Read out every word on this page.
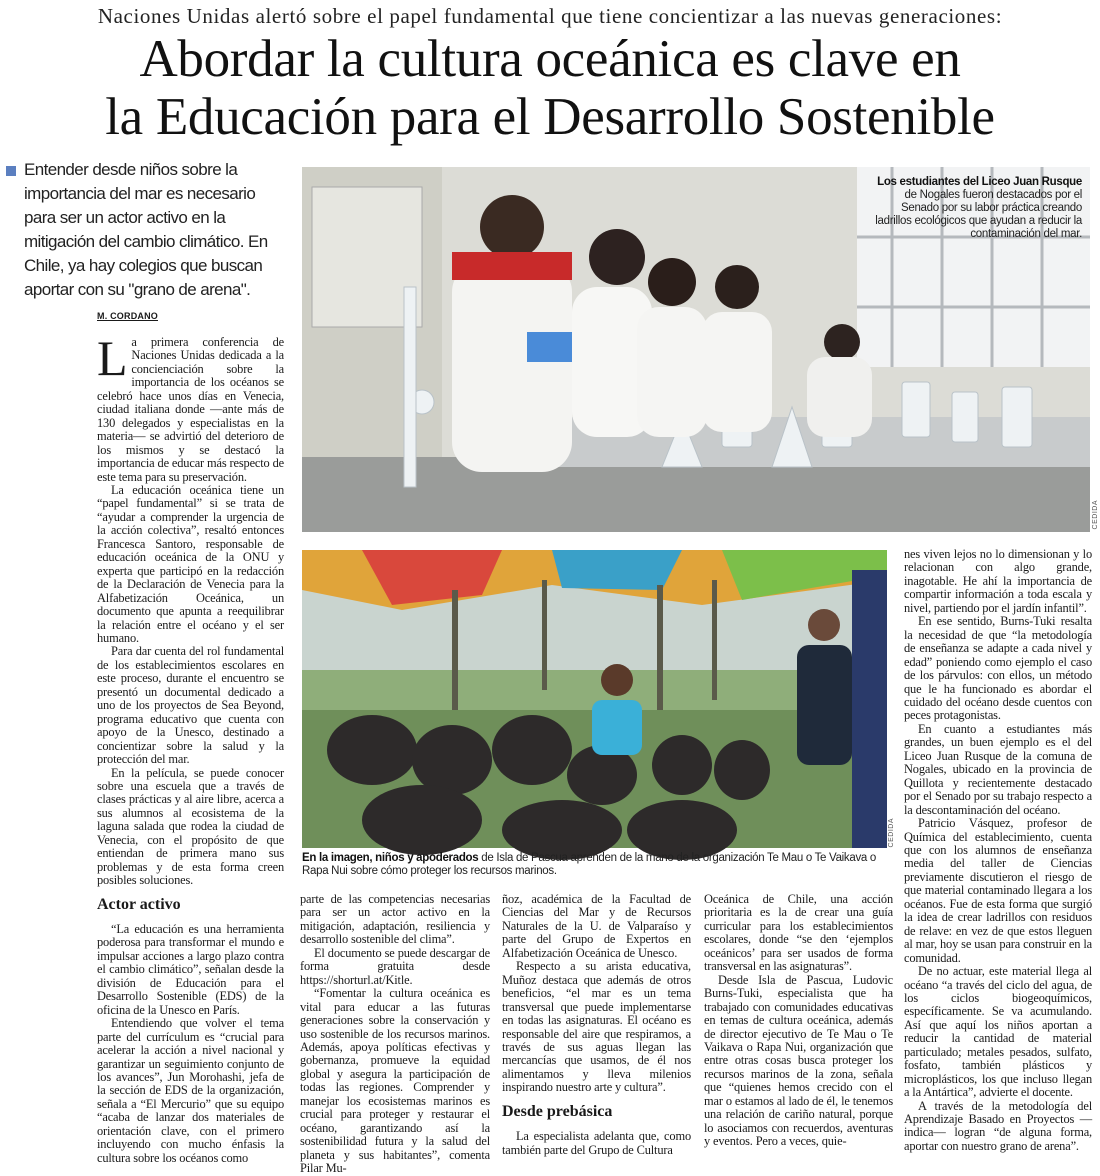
Naciones Unidas alertó sobre el papel fundamental que tiene concientizar a las nuevas generaciones:
Abordar la cultura oceánica es clave en
la Educación para el Desarrollo Sostenible
Entender desde niños sobre la importancia del mar es necesario para ser un actor activo en la mitigación del cambio climático. En Chile, ya hay colegios que buscan aportar con su "grano de arena".
M. CORDANO
Los estudiantes del Liceo Juan Rusque de Nogales fueron destacados por el Senado por su labor práctica creando ladrillos ecológicos que ayudan a reducir la contaminación del mar.
CEDIDA
CEDIDA
En la imagen, niños y apoderados de Isla de Pascua aprenden de la mano de la organización Te Mau o Te Vaikava o Rapa Nui sobre cómo proteger los recursos marinos.

La primera conferencia de Naciones Unidas dedicada a la concienciación sobre la importancia de los océanos se celebró hace unos días en Venecia, ciudad italiana donde —ante más de 130 delegados y especialistas en la materia— se advirtió del deterioro de los mismos y se destacó la importancia de educar más respecto de este tema para su preservación.

La educación oceánica tiene un “papel fundamental” si se trata de “ayudar a comprender la urgencia de la acción colectiva”, resaltó entonces Francesca Santoro, responsable de educación oceánica de la ONU y experta que participó en la redacción de la Declaración de Venecia para la Alfabetización Oceánica, un documento que apunta a reequilibrar la relación entre el océano y el ser humano.

Para dar cuenta del rol fundamental de los establecimientos escolares en este proceso, durante el encuentro se presentó un documental dedicado a uno de los proyectos de Sea Beyond, programa educativo que cuenta con apoyo de la Unesco, destinado a concientizar sobre la salud y la protección del mar.

En la película, se puede conocer sobre una escuela que a través de clases prácticas y al aire libre, acerca a sus alumnos al ecosistema de la laguna salada que rodea la ciudad de Venecia, con el propósito de que entiendan de primera mano sus problemas y de esta forma creen posibles soluciones.

Actor activo

“La educación es una herramienta poderosa para transformar el mundo e impulsar acciones a largo plazo contra el cambio climático”, señalan desde la división de Educación para el Desarrollo Sostenible (EDS) de la oficina de la Unesco en París.

Entendiendo que volver el tema parte del currículum es “crucial para acelerar la acción a nivel nacional y garantizar un seguimiento conjunto de los avances”, Jun Morohashi, jefa de la sección de EDS de la organización, señala a “El Mercurio” que su equipo “acaba de lanzar dos materiales de orientación clave, con el primero incluyendo con mucho énfasis la cultura sobre los océanos como

parte de las competencias necesarias para ser un actor activo en la mitigación, adaptación, resiliencia y desarrollo sostenible del clima”.

El documento se puede descargar de forma gratuita desde https://shorturl.at/Kitle.

“Fomentar la cultura oceánica es vital para educar a las futuras generaciones sobre la conservación y uso sostenible de los recursos marinos. Además, apoya políticas efectivas y gobernanza, promueve la equidad global y asegura la participación de todas las regiones. Comprender y manejar los ecosistemas marinos es crucial para proteger y restaurar el océano, garantizando así la sostenibilidad futura y la salud del planeta y sus habitantes”, comenta Pilar Mu-

ñoz, académica de la Facultad de Ciencias del Mar y de Recursos Naturales de la U. de Valparaíso y parte del Grupo de Expertos en Alfabetización Oceánica de Unesco.

Respecto a su arista educativa, Muñoz destaca que además de otros beneficios, “el mar es un tema transversal que puede implementarse en todas las asignaturas. El océano es responsable del aire que respiramos, a través de sus aguas llegan las mercancías que usamos, de él nos alimentamos y lleva milenios inspirando nuestro arte y cultura”.

Desde prebásica

La especialista adelanta que, como también parte del Grupo de Cultura

Oceánica de Chile, una acción prioritaria es la de crear una guía curricular para los establecimientos escolares, donde “se den ‘ejemplos oceánicos’ para ser usados de forma transversal en las asignaturas”.

Desde Isla de Pascua, Ludovic Burns-Tuki, especialista que ha trabajado con comunidades educativas en temas de cultura oceánica, además de director ejecutivo de Te Mau o Te Vaikava o Rapa Nui, organización que entre otras cosas busca proteger los recursos marinos de la zona, señala que “quienes hemos crecido con el mar o estamos al lado de él, le tenemos una relación de cariño natural, porque lo asociamos con recuerdos, aventuras y eventos. Pero a veces, quie-

nes viven lejos no lo dimensionan y lo relacionan con algo grande, inagotable. He ahí la importancia de compartir información a toda escala y nivel, partiendo por el jardín infantil”.

En ese sentido, Burns-Tuki resalta la necesidad de que “la metodología de enseñanza se adapte a cada nivel y edad” poniendo como ejemplo el caso de los párvulos: con ellos, un método que le ha funcionado es abordar el cuidado del océano desde cuentos con peces protagonistas.

En cuanto a estudiantes más grandes, un buen ejemplo es el del Liceo Juan Rusque de la comuna de Nogales, ubicado en la provincia de Quillota y recientemente destacado por el Senado por su trabajo respecto a la descontaminación del océano.

Patricio Vásquez, profesor de Química del establecimiento, cuenta que con los alumnos de enseñanza media del taller de Ciencias previamente discutieron el riesgo de que material contaminado llegara a los océanos. Fue de esta forma que surgió la idea de crear ladrillos con residuos de relave: en vez de que estos lleguen al mar, hoy se usan para construir en la comunidad.

De no actuar, este material llega al océano “a través del ciclo del agua, de los ciclos biogeoquímicos, específicamente. Se va acumulando. Así que aquí los niños aportan a reducir la cantidad de material particulado; metales pesados, sulfato, fosfato, también plásticos y microplásticos, los que incluso llegan a la Antártica”, advierte el docente.

A través de la metodología del Aprendizaje Basado en Proyectos —indica— logran “de alguna forma, aportar con nuestro grano de arena”.
